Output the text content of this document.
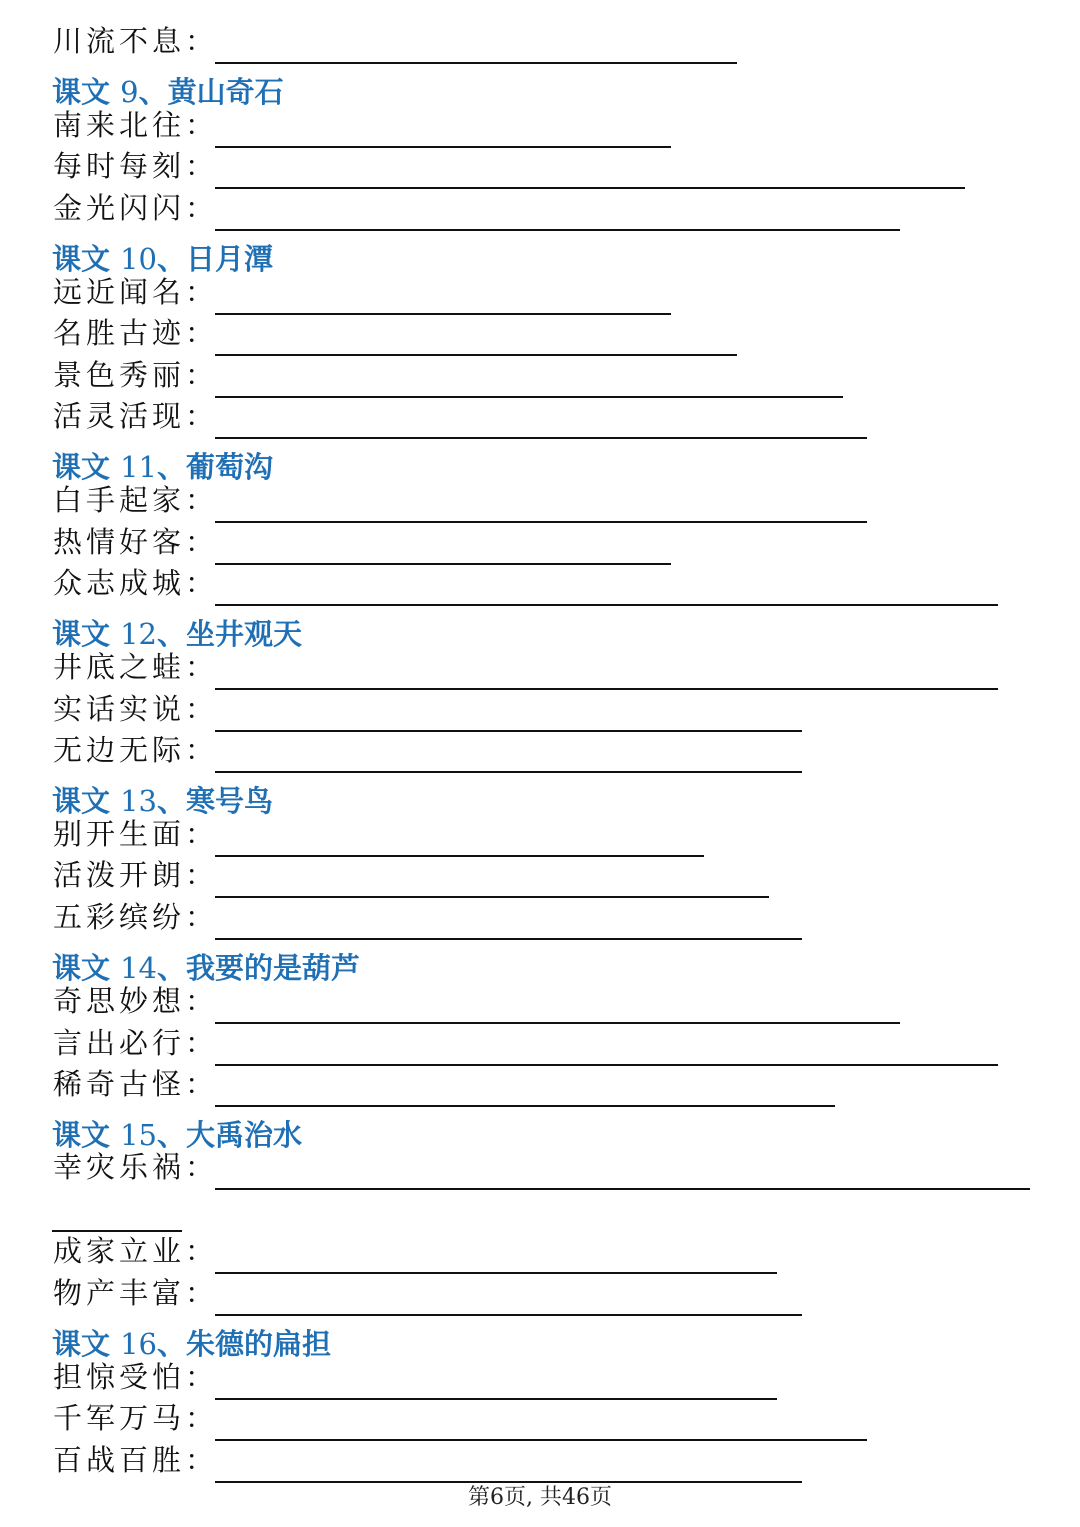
川流不息：
课文 9、黄山奇石
南来北往：
每时每刻：
金光闪闪：
课文 10、日月潭
远近闻名：
名胜古迹：
景色秀丽：
活灵活现：
课文 11、葡萄沟
白手起家：
热情好客：
众志成城：
课文 12、坐井观天
井底之蛙：
实话实说：
无边无际：
课文 13、寒号鸟
别开生面：
活泼开朗：
五彩缤纷：
课文 14、我要的是葫芦
奇思妙想：
言出必行：
稀奇古怪：
课文 15、大禹治水
幸灾乐祸：
成家立业：
物产丰富：
课文 16、朱德的扁担
担惊受怕：
千军万马：
百战百胜：
第6页, 共46页
